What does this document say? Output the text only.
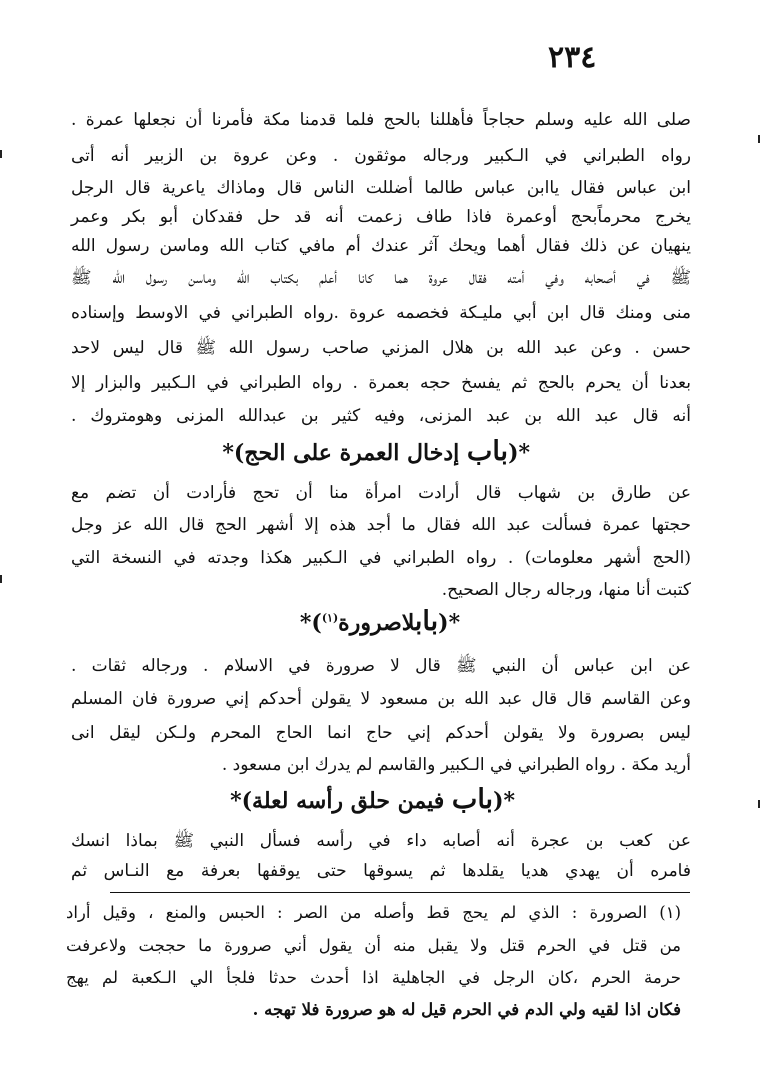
٢٣٤
صلى الله عليه وسلم حجاجاً فأهللنا بالحج فلما قدمنا مكة فأمرنا أن نجعلها عمرة .
رواه الطبراني في الـكبير ورجاله موثقون . وعن عروة بن الزبير أنه أتى
ابن عباس فقال ياابن عباس طالما أضللت الناس قال وماذاك ياعرية قال الرجل
يخرج محرماًبحج أوعمرة فاذا طاف زعمت أنه قد حل فقدكان أبو بكر وعمر
ينهيان عن ذلك فقال أهما ويحك آثر عندك أم مافي كتاب الله وماسن رسول الله
ﷺ في أصحابه وفي أمته فقال عروة هما كانا أعلم بكتاب الله وماسن رسول الله ﷺ
منى ومنك قال ابن أبي مليـكة فخصمه عروة .رواه الطبراني في الاوسط وإسناده
حسن . وعن عبد الله بن هلال المزني صاحب رسول الله ﷺ قال ليس لاحد
بعدنا أن يحرم بالحج ثم يفسخ حجه بعمرة . رواه الطبراني في الـكبير والبزار إلا
أنه قال عبد الله بن عبد المزنى، وفيه كثير بن عبدالله المزنى وهومتروك .
*(باب إدخال العمرة على الحج)*
عن طارق بن شهاب قال أرادت امرأة منا أن تحج فأرادت أن تضم مع
حجتها عمرة فسألت عبد الله فقال ما أجد هذه إلا أشهر الحج قال الله عز وجل
(الحج أشهر معلومات) . رواه الطبراني في الـكبير هكذا وجدته في النسخة التي
كتبت أنا منها، ورجاله رجال الصحيح.
*(بابلاصرورة$^{(١)}$)*
عن ابن عباس أن النبي ﷺ قال لا صرورة في الاسلام . ورجاله ثقات .
وعن القاسم قال قال عبد الله بن مسعود لا يقولن أحدكم إني صرورة فان المسلم
ليس بصرورة ولا يقولن أحدكم إني حاج انما الحاج المحرم ولـكن ليقل انى
أريد مكة . رواه الطبراني في الـكبير والقاسم لم يدرك ابن مسعود .
*(باب فيمن حلق رأسه لعلة)*
عن كعب بن عجرة أنه أصابه داء في رأسه فسأل النبي ﷺ بماذا انسك
فامره أن يهدي هديا يقلدها ثم يسوقها حتى يوقفها بعرفة مع النـاس ثم
(١) الصرورة : الذي لم يحج قط وأصله من الصر : الحبس والمنع ، وقيل أراد
من قتل في الحرم قتل ولا يقبل منه أن يقول أني صرورة ما حججت ولاعرفت
حرمة الحرم ،كان الرجل في الجاهلية اذا أحدث حدثا فلجأ الي الـكعبة لم يهج
فكان اذا لقيه ولي الدم في الحرم قيل له هو صرورة فلا تهجه .
